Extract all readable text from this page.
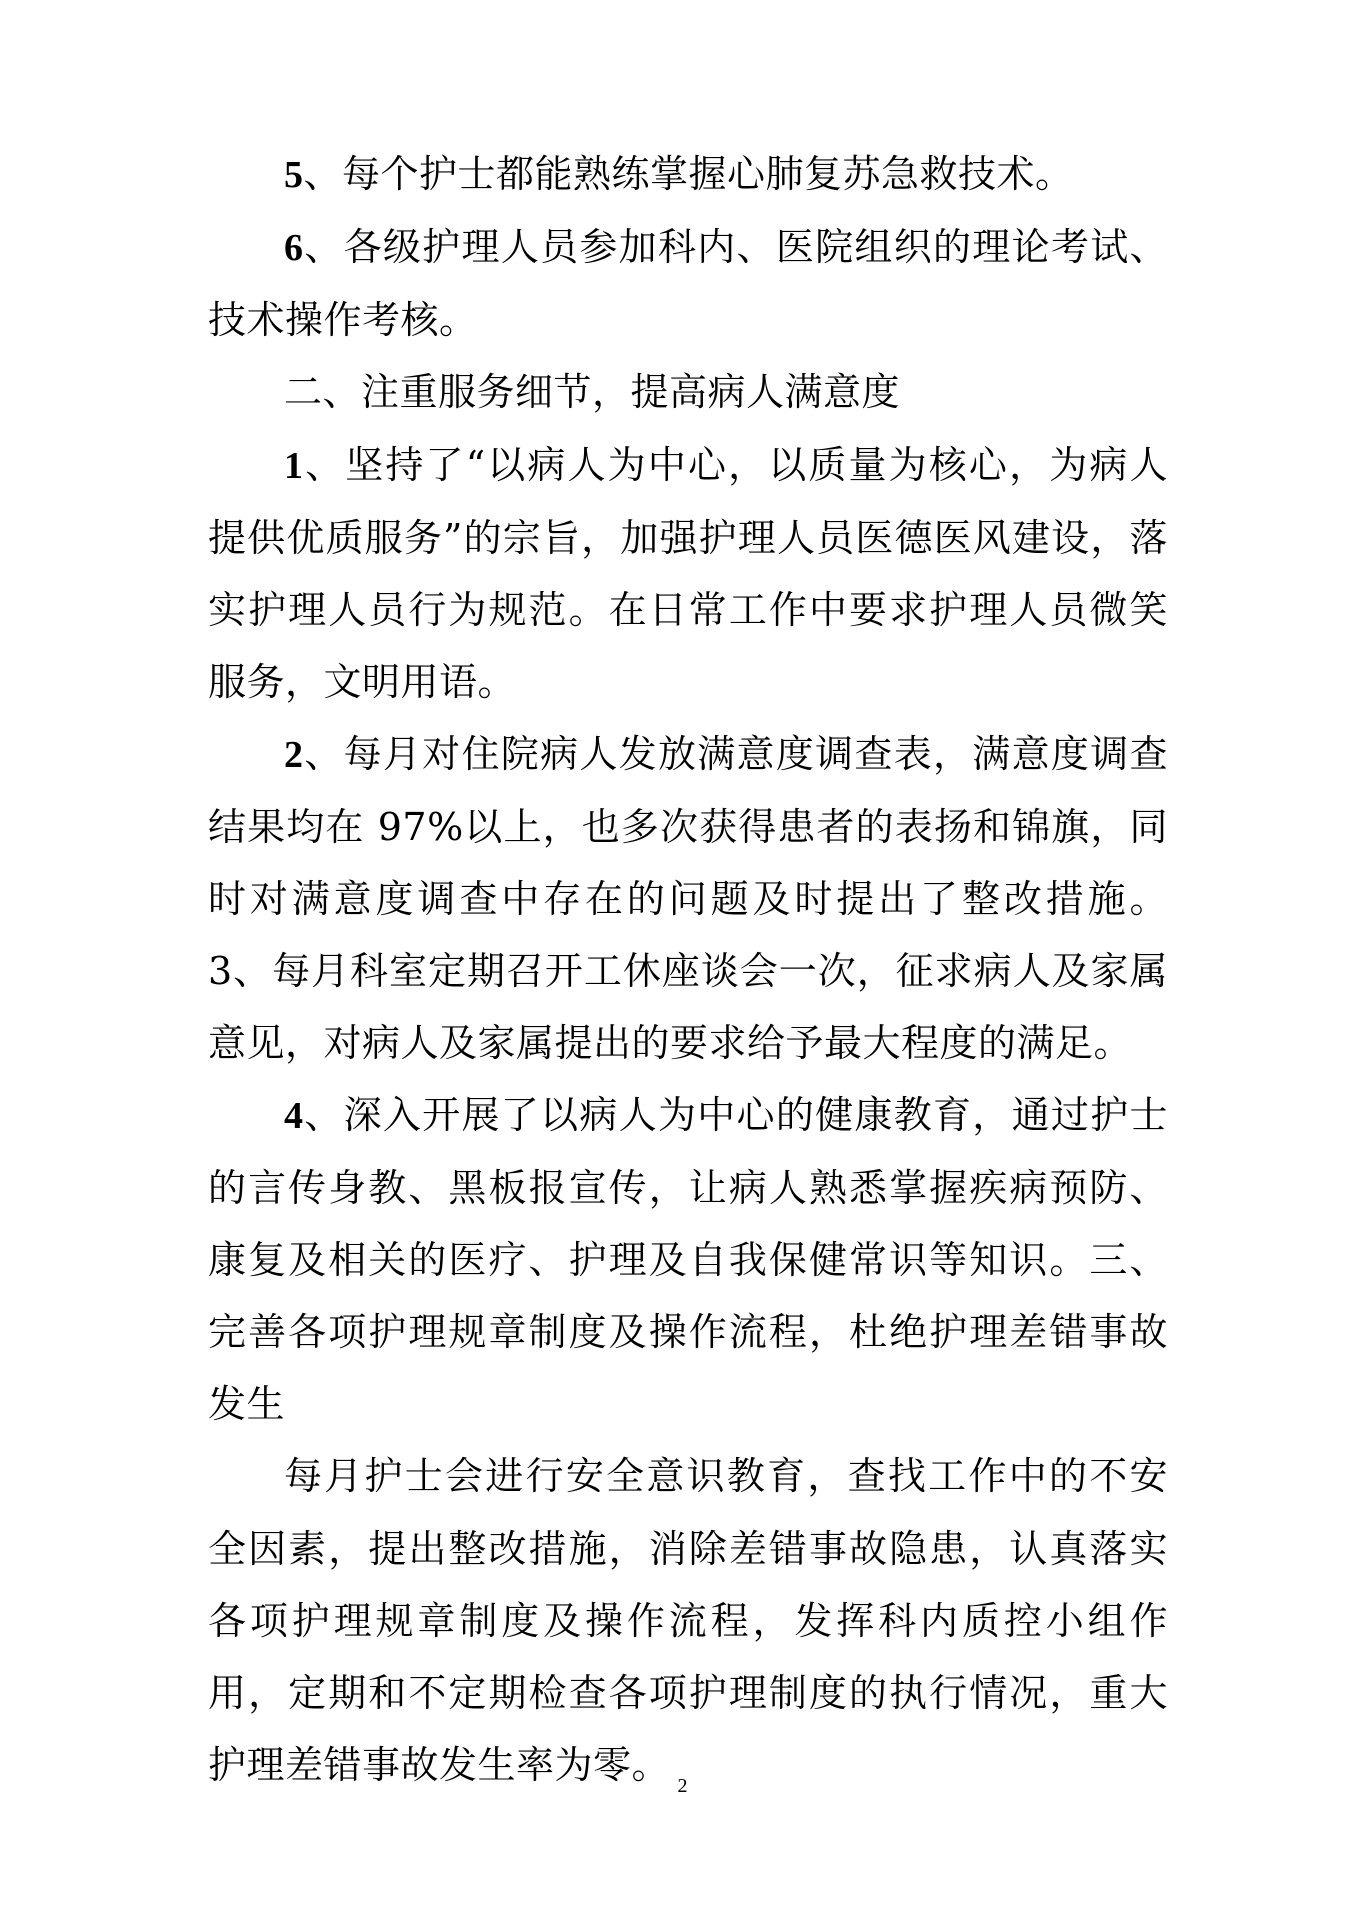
5、每个护士都能熟练掌握心肺复苏急救技术。

6、各级护理人员参加科内、医院组织的理论考试、技术操作考核。

二、注重服务细节，提高病人满意度

1、坚持了“以病人为中心，以质量为核心，为病人提供优质服务”的宗旨，加强护理人员医德医风建设，落实护理人员行为规范。在日常工作中要求护理人员微笑服务，文明用语。

2、每月对住院病人发放满意度调查表，满意度调查结果均在 97%以上，也多次获得患者的表扬和锦旗，同时对满意度调查中存在的问题及时提出了整改措施。 3、每月科室定期召开工休座谈会一次，征求病人及家属意见，对病人及家属提出的要求给予最大程度的满足。

4、深入开展了以病人为中心的健康教育，通过护士的言传身教、黑板报宣传，让病人熟悉掌握疾病预防、康复及相关的医疗、护理及自我保健常识等知识。三、完善各项护理规章制度及操作流程，杜绝护理差错事故发生

每月护士会进行安全意识教育，查找工作中的不安全因素，提出整改措施，消除差错事故隐患，认真落实各项护理规章制度及操作流程，发挥科内质控小组作用，定期和不定期检查各项护理制度的执行情况，重大护理差错事故发生率为零。 2
